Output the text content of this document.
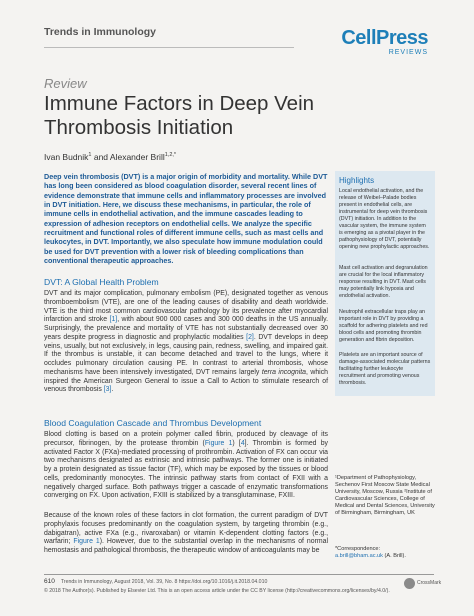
Trends in Immunology	CellPress
REVIEWS
Review
Immune Factors in Deep Vein Thrombosis Initiation
Ivan Budnik$^1$ and Alexander Brill$^{1,2,*}$

Deep vein thrombosis (DVT) is a major origin of morbidity and mortality. While DVT has long been considered as blood coagulation disorder, several recent lines of evidence demonstrate that immune cells and inflammatory processes are involved in DVT initiation. Here, we discuss these mechanisms, in particular, the role of immune cells in endothelial activation, and the immune cascades leading to expression of adhesion receptors on endothelial cells. We analyze the specific recruitment and functional roles of different immune cells, such as mast cells and leukocytes, in DVT. Importantly, we also speculate how immune modulation could be used for DVT prevention with a lower risk of bleeding complications than conventional therapeutic approaches.

DVT: A Global Health Problem

DVT and its major complication, pulmonary embolism (PE), designated together as venous thromboembolism (VTE), are one of the leading causes of disability and death worldwide. VTE is the third most common cardiovascular pathology by its prevalence after myocardial infarction and stroke [1], with about 900 000 cases and 300 000 deaths in the US annually. Surprisingly, the prevalence and mortality of VTE has not substantially decreased over 30 years despite progress in diagnostic and prophylactic modalities [2]. DVT develops in deep veins, usually, but not exclusively, in legs, causing pain, redness, swelling, and impaired gait. If the thrombus is unstable, it can become detached and travel to the lungs, where it occludes pulmonary circulation causing PE. In contrast to arterial thrombosis, whose mechanisms have been intensively investigated, DVT remains largely terra incognita, which inspired the American Surgeon General to issue a Call to Action to stimulate research of venous thrombosis [3].

Blood Coagulation Cascade and Thrombus Development

Blood clotting is based on a protein polymer called fibrin, produced by cleavage of its precursor, fibrinogen, by the protease thrombin (Figure 1) [4]. Thrombin is formed by activated Factor X (FXa)-mediated processing of prothrombin. Activation of FX can occur via two mechanisms designated as extrinsic and intrinsic pathways. The former one is initiated by a protein designated as tissue factor (TF), which may be exposed by the tissues or blood cells, predominantly monocytes. The intrinsic pathway starts from contact of FXII with a negatively charged surface. Both pathways trigger a cascade of enzymatic transformations converging on FX. Upon activation, FXIII is stabilized by a transglutaminase, FXIII.

Because of the known roles of these factors in clot formation, the current paradigm of DVT prophylaxis focuses predominantly on the coagulation system, by targeting thrombin (e.g., dabigatran), active FXa (e.g., rivaroxaban) or vitamin K-dependent clotting factors (e.g., warfarin; Figure 1). However, due to the substantial overlap in the mechanisms of normal hemostasis and pathological thrombosis, the therapeutic window of anticoagulants may be

Highlights

Local endothelial activation, and the release of Weibel–Palade bodies present in endothelial cells, are instrumental for deep vein thrombosis (DVT) initiation. In addition to the vascular system, the immune system is emerging as a pivotal player in the pathophysiology of DVT, potentially opening new prophylactic approaches.

Mast cell activation and degranulation are crucial for the local inflammatory response resulting in DVT. Mast cells may potentially link hypoxia and endothelial activation.

Neutrophil extracellular traps play an important role in DVT by providing a scaffold for adhering platelets and red blood cells and promoting thrombin generation and fibrin deposition.

Platelets are an important source of damage-associated molecular patterns facilitating further leukocyte recruitment and promoting venous thrombosis.

¹Department of Pathophysiology, Sechenov First Moscow State Medical University, Moscow, Russia ²Institute of Cardiovascular Sciences, College of Medical and Dental Sciences, University of Birmingham, Birmingham, UK

*Correspondence:
a.brill@bham.ac.uk (A. Brill).

610 Trends in Immunology, August 2018, Vol. 39, No. 8 https://doi.org/10.1016/j.it.2018.04.010
© 2018 The Author(s). Published by Elsevier Ltd. This is an open access article under the CC BY license (http://creativecommons.org/licenses/by/4.0/).
CrossMark
